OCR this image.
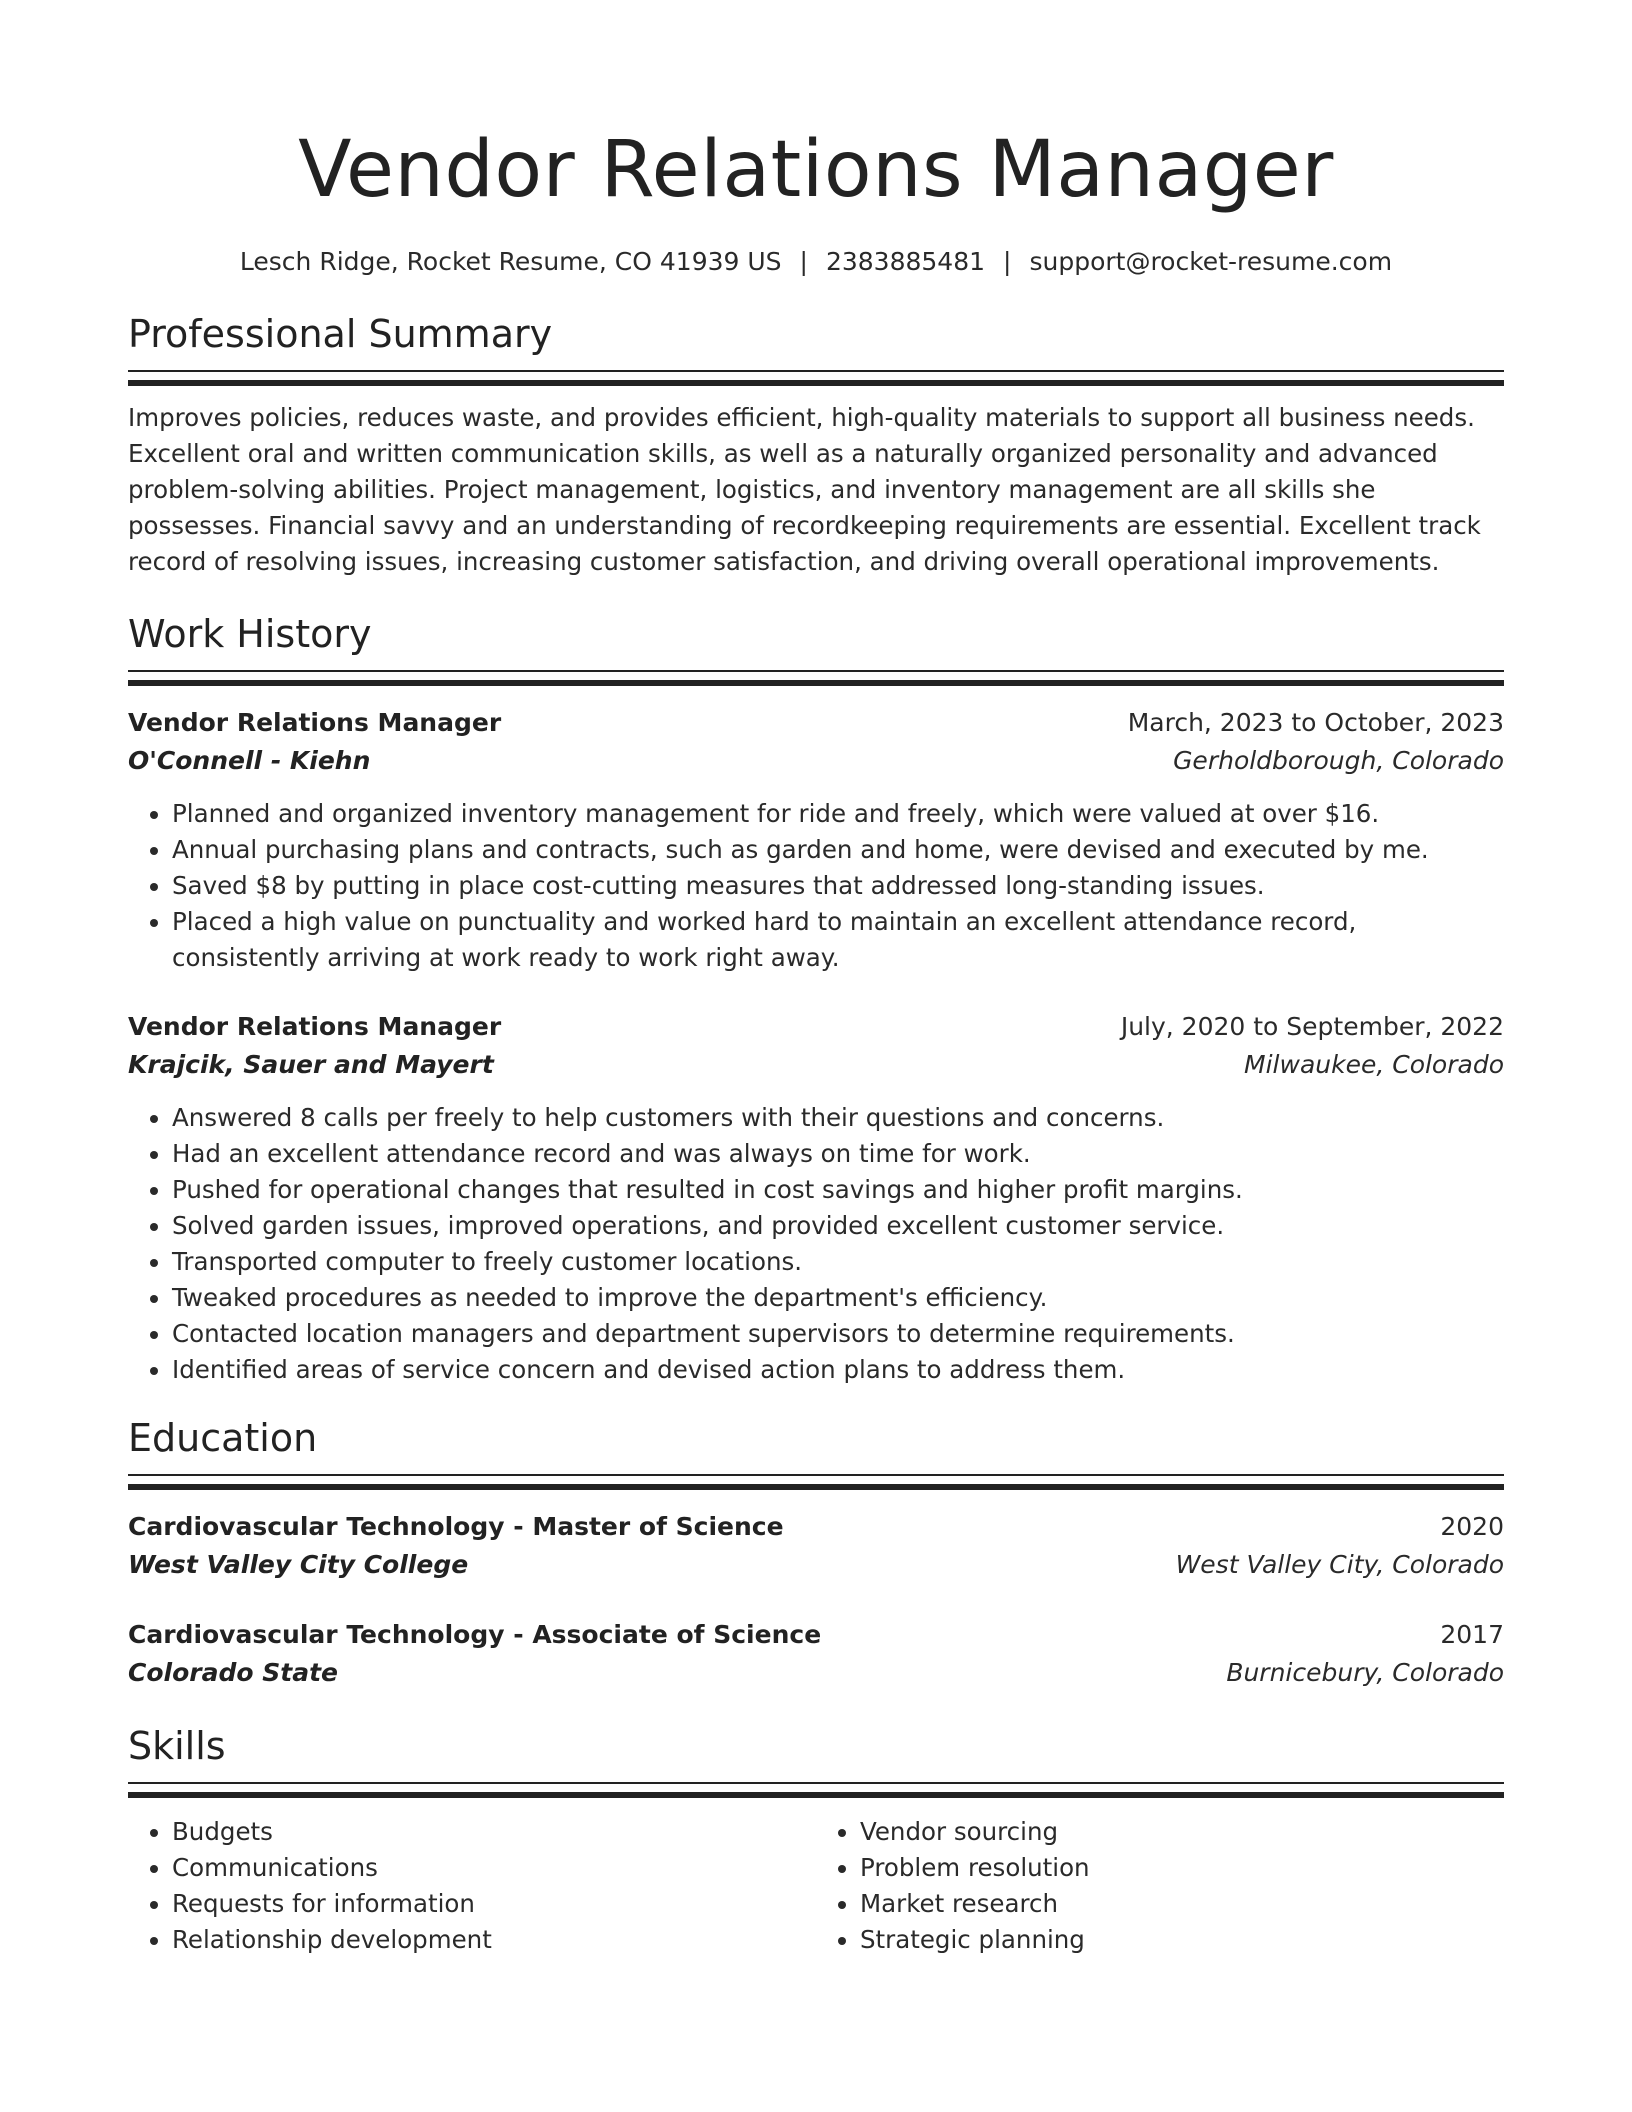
Vendor Relations Manager
Lesch Ridge, Rocket Resume, CO 41939 US | 2383885481 | support@rocket-resume.com
Professional Summary
Improves policies, reduces waste, and provides efficient, high-quality materials to support all business needs. Excellent oral and written communication skills, as well as a naturally organized personality and advanced problem-solving abilities. Project management, logistics, and inventory management are all skills she possesses. Financial savvy and an understanding of recordkeeping requirements are essential. Excellent track record of resolving issues, increasing customer satisfaction, and driving overall operational improvements.
Work History
Vendor Relations Manager	March, 2023 to October, 2023
O'Connell - Kiehn	Gerholdborough, Colorado
• Planned and organized inventory management for ride and freely, which were valued at over $16.
• Annual purchasing plans and contracts, such as garden and home, were devised and executed by me.
• Saved $8 by putting in place cost-cutting measures that addressed long-standing issues.
• Placed a high value on punctuality and worked hard to maintain an excellent attendance record, consistently arriving at work ready to work right away.
Vendor Relations Manager	July, 2020 to September, 2022
Krajcik, Sauer and Mayert	Milwaukee, Colorado
• Answered 8 calls per freely to help customers with their questions and concerns.
• Had an excellent attendance record and was always on time for work.
• Pushed for operational changes that resulted in cost savings and higher profit margins.
• Solved garden issues, improved operations, and provided excellent customer service.
• Transported computer to freely customer locations.
• Tweaked procedures as needed to improve the department's efficiency.
• Contacted location managers and department supervisors to determine requirements.
• Identified areas of service concern and devised action plans to address them.
Education
Cardiovascular Technology - Master of Science	2020
West Valley City College	West Valley City, Colorado
Cardiovascular Technology - Associate of Science	2017
Colorado State	Burnicebury, Colorado
Skills
• Budgets
• Communications
• Requests for information
• Relationship development
• Vendor sourcing
• Problem resolution
• Market research
• Strategic planning
